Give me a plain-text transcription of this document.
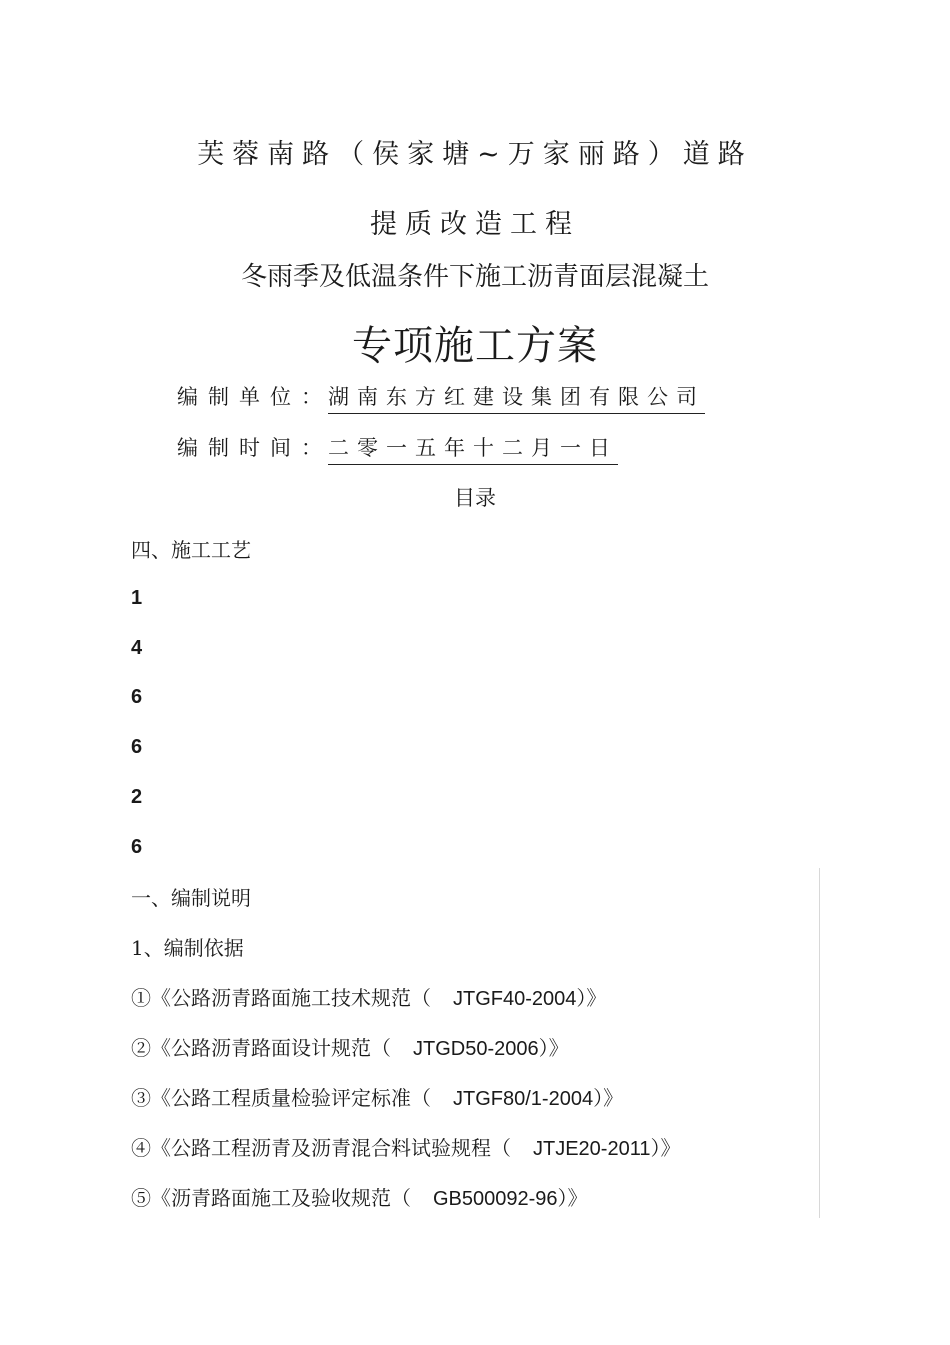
芙蓉南路（侯家塘~万家丽路）道路
提质改造工程
冬雨季及低温条件下施工沥青面层混凝土
专项施工方案
编制单位：
湖南东方红建设集团有限公司
编制时间：
二零一五年十二月一日
目录
四、施工工艺
1
4
6
6
2
6
一、编制说明
1、编制依据
①《公路沥青路面施工技术规范（ JTGF40-2004）》
②《公路沥青路面设计规范（ JTGD50-2006）》
③《公路工程质量检验评定标准（ JTGF80/1-2004）》
④《公路工程沥青及沥青混合料试验规程（ JTJE20-2011）》
⑤《沥青路面施工及验收规范（ GB500092-96）》
